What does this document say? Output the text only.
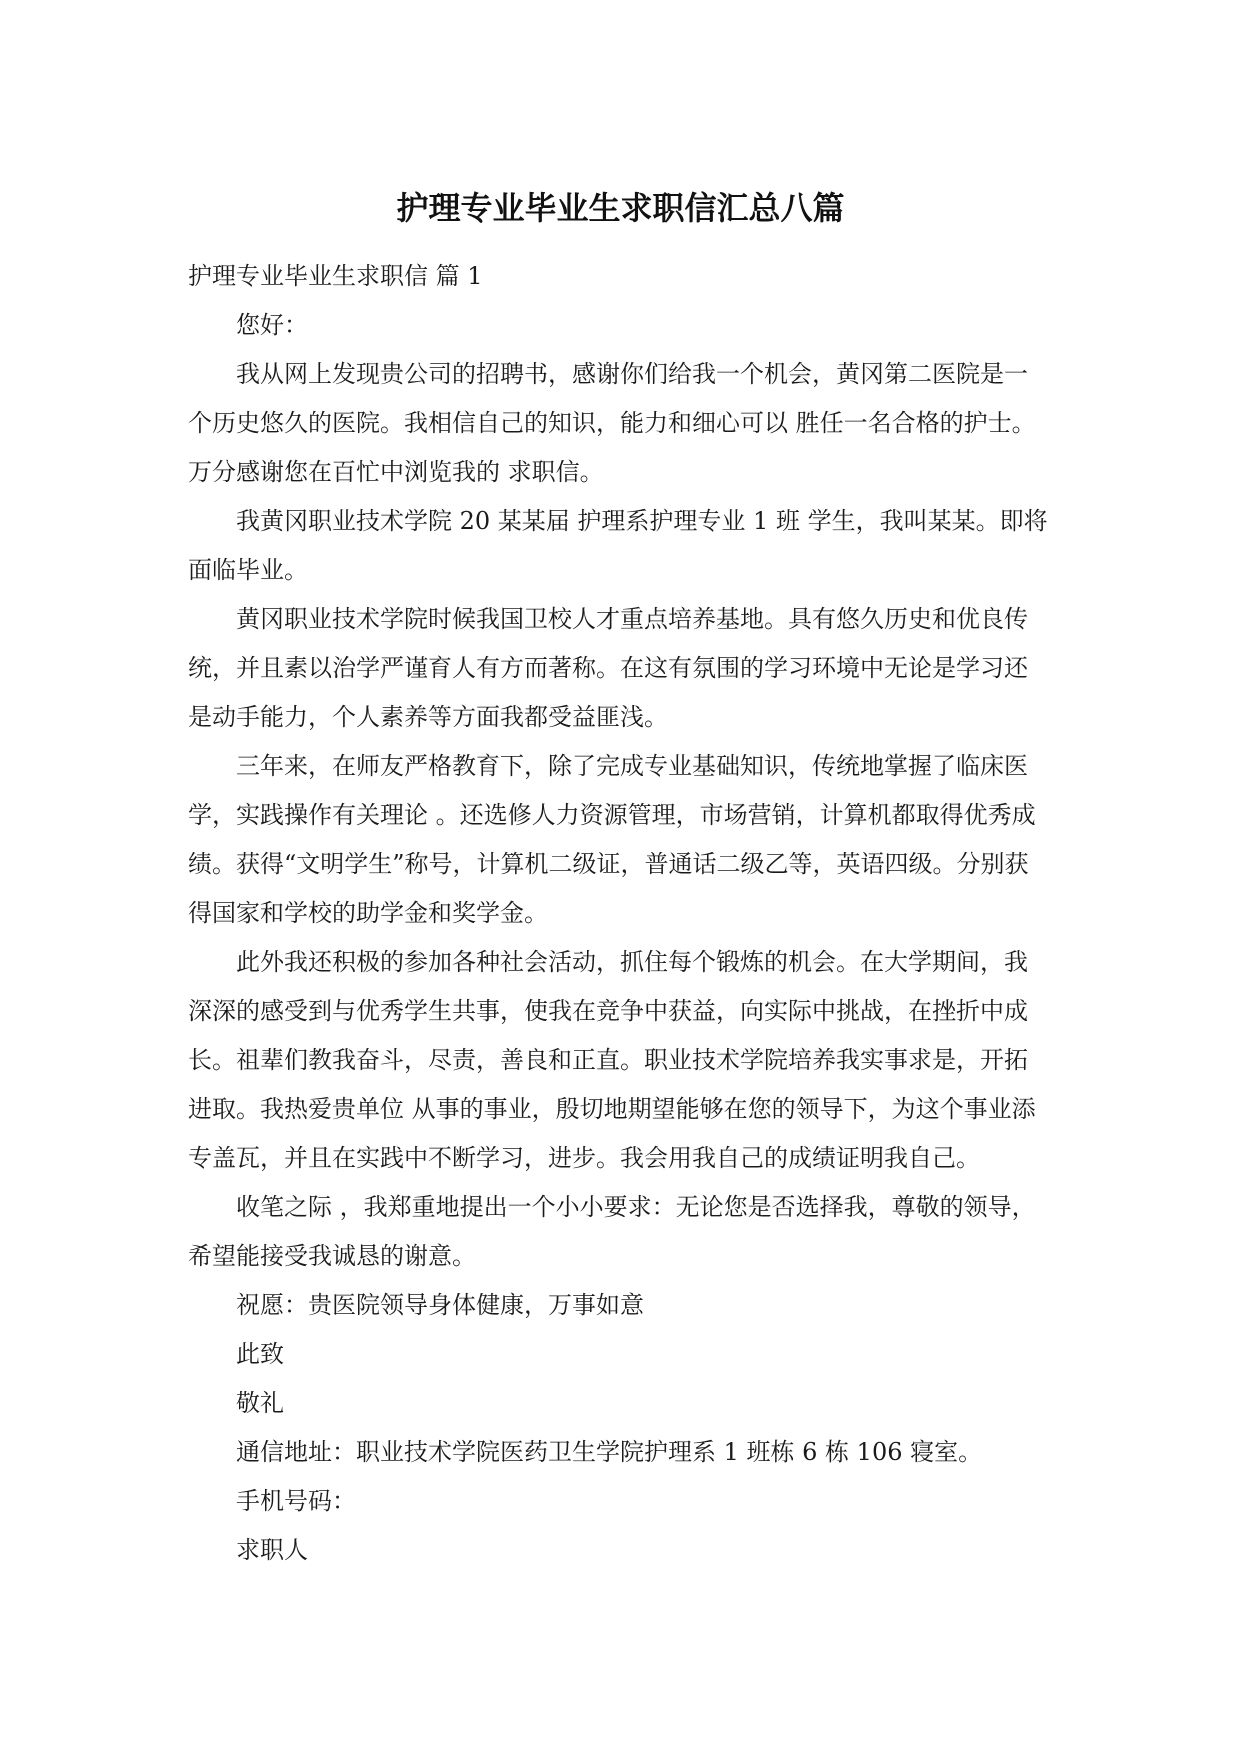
护理专业毕业生求职信汇总八篇

护理专业毕业生求职信 篇 1

您好：

我从网上发现贵公司的招聘书，感谢你们给我一个机会，黄冈第二医院是一个历史悠久的医院。我相信自己的知识，能力和细心可以 胜任一名合格的护士。万分感谢您在百忙中浏览我的 求职信。

我黄冈职业技术学院 20 某某届 护理系护理专业 1 班 学生，我叫某某。即将面临毕业。

黄冈职业技术学院时候我国卫校人才重点培养基地。具有悠久历史和优良传统，并且素以治学严谨育人有方而著称。在这有氛围的学习环境中无论是学习还是动手能力，个人素养等方面我都受益匪浅。

三年来，在师友严格教育下，除了完成专业基础知识，传统地掌握了临床医学，实践操作有关理论 。还选修人力资源管理，市场营销，计算机都取得优秀成绩。获得“文明学生”称号，计算机二级证，普通话二级乙等，英语四级。分别获得国家和学校的助学金和奖学金。

此外我还积极的参加各种社会活动，抓住每个锻炼的机会。在大学期间，我深深的感受到与优秀学生共事，使我在竞争中获益，向实际中挑战，在挫折中成长。祖辈们教我奋斗，尽责，善良和正直。职业技术学院培养我实事求是，开拓进取。我热爱贵单位 从事的事业，殷切地期望能够在您的领导下，为这个事业添专盖瓦，并且在实践中不断学习，进步。我会用我自己的成绩证明我自己。

收笔之际 ，我郑重地提出一个小小要求：无论您是否选择我，尊敬的领导，希望能接受我诚恳的谢意。

祝愿：贵医院领导身体健康，万事如意

此致

敬礼

通信地址：职业技术学院医药卫生学院护理系 1 班栋 6 栋 106 寝室。

手机号码：

求职人
